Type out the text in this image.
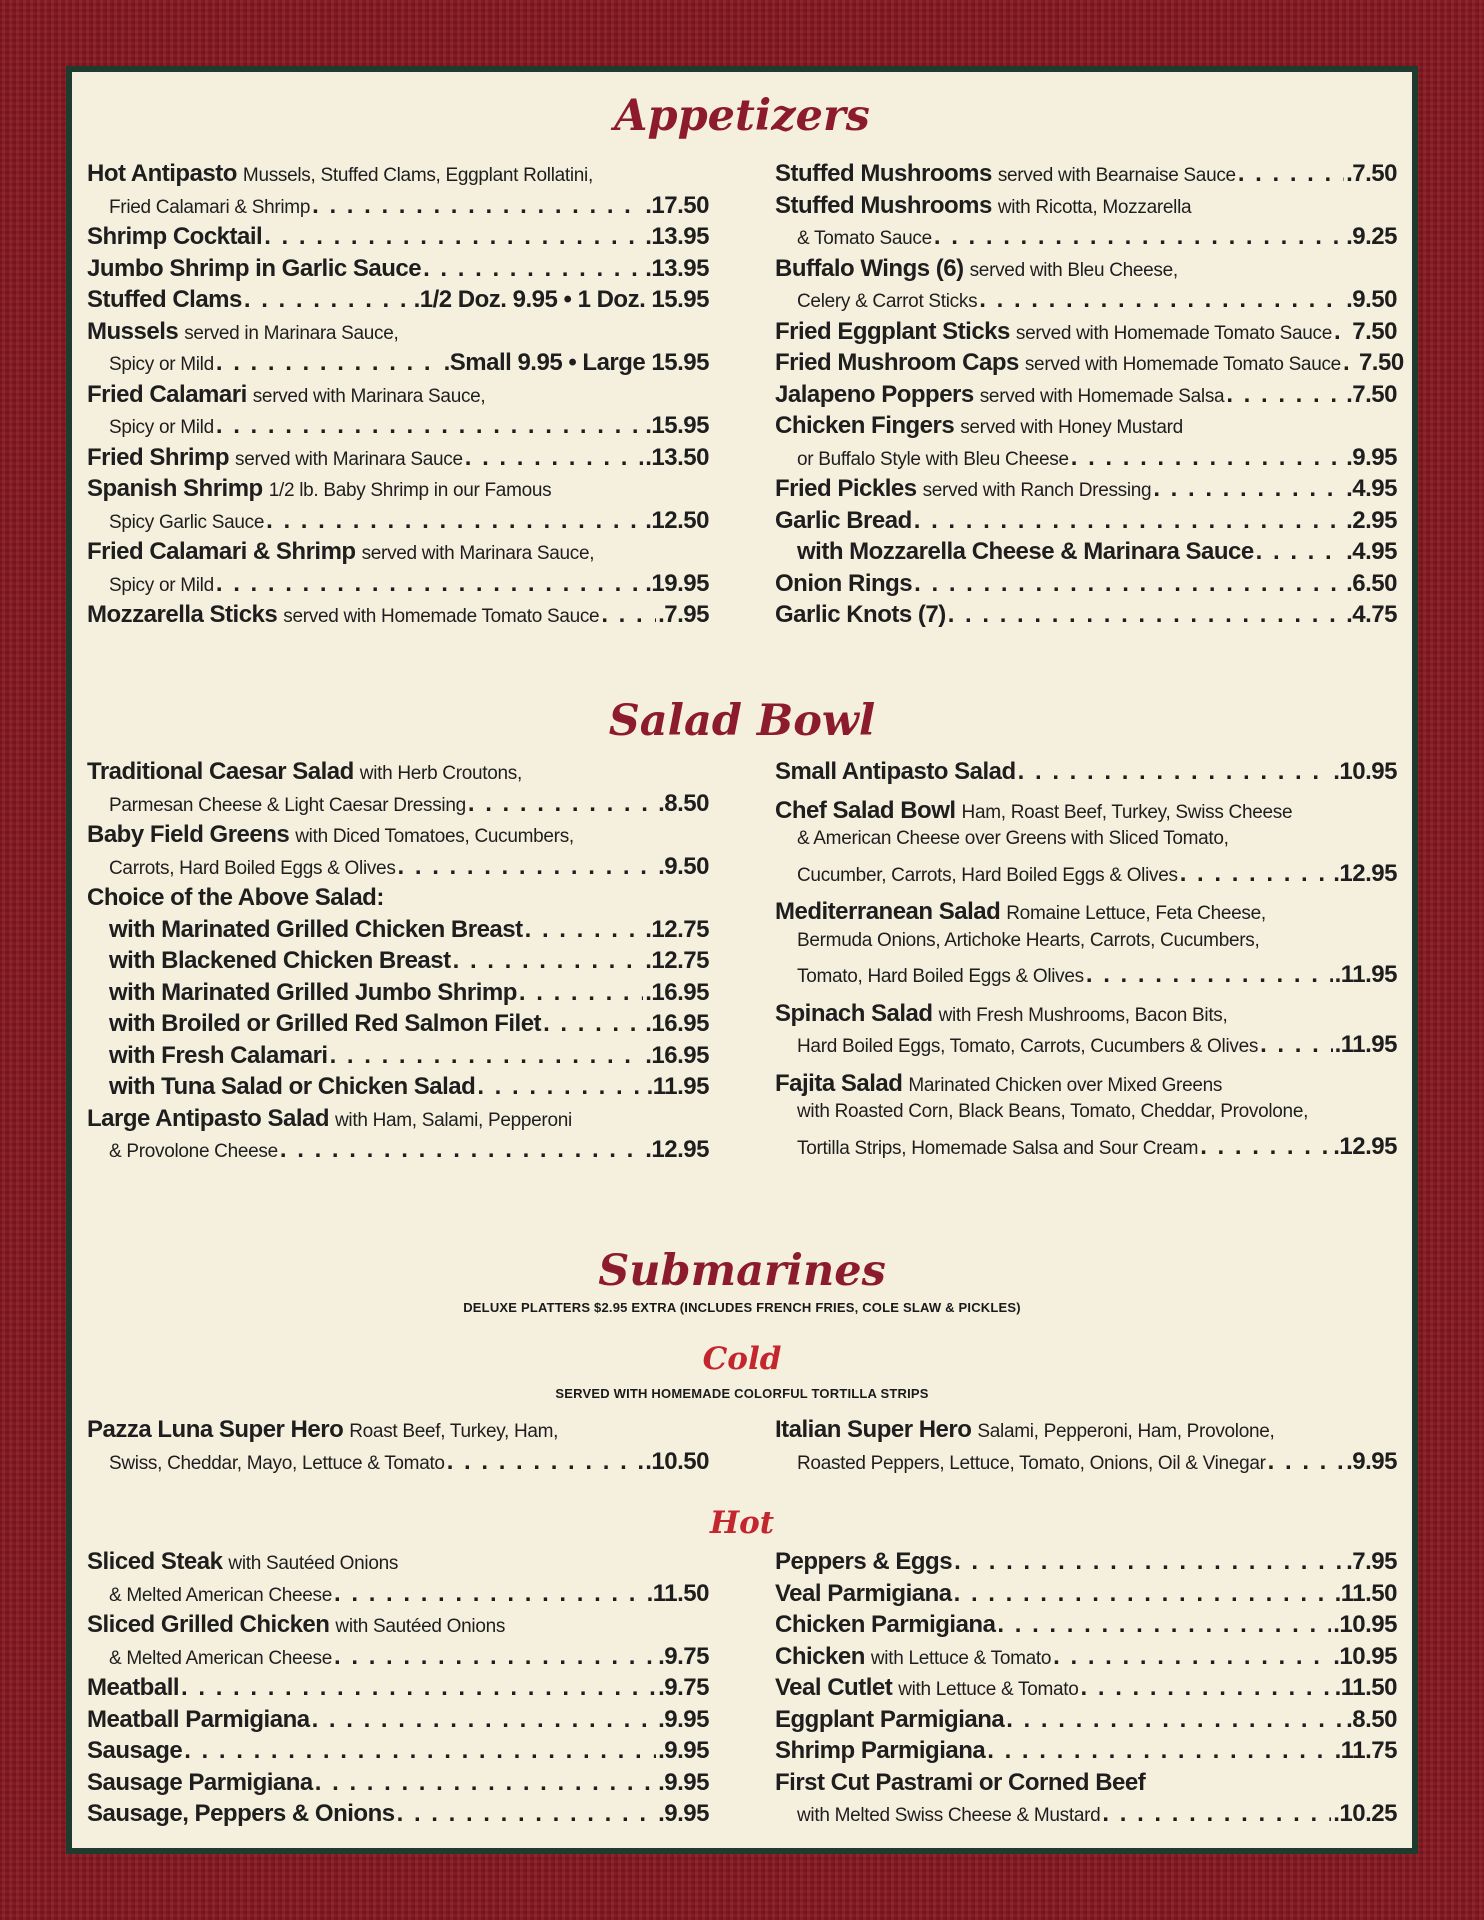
Appetizers
Hot Antipasto Mussels, Stuffed Clams, Eggplant Rollatini,
Fried Calamari & Shrimp . . .	.17.50
Shrimp Cocktail . . .	.13.95
Jumbo Shrimp in Garlic Sauce . . .	.13.95
Stuffed Clams . . .	.1/2 Doz. 9.95 • 1 Doz. 15.95
Mussels served in Marinara Sauce,
Spicy or Mild . . .	.Small 9.95 • Large 15.95
Fried Calamari served with Marinara Sauce,
Spicy or Mild . . .	.15.95
Fried Shrimp served with Marinara Sauce . . .	.13.50
Spanish Shrimp 1/2 lb. Baby Shrimp in our Famous
Spicy Garlic Sauce . . .	.12.50
Fried Calamari & Shrimp served with Marinara Sauce,
Spicy or Mild . . .	.19.95
Mozzarella Sticks served with Homemade Tomato Sauce . . . .7.95
Stuffed Mushrooms served with Bearnaise Sauce . . .	.7.50
Stuffed Mushrooms with Ricotta, Mozzarella
& Tomato Sauce . . .	.9.25
Buffalo Wings (6) served with Bleu Cheese,
Celery & Carrot Sticks . . .	.9.50
Fried Eggplant Sticks served with Homemade Tomato Sauce . . . 7.50
Fried Mushroom Caps served with Homemade Tomato Sauce . . . 7.50
Jalapeno Poppers served with Homemade Salsa . . .	.7.50
Chicken Fingers served with Honey Mustard
or Buffalo Style with Bleu Cheese . . .	.9.95
Fried Pickles served with Ranch Dressing . . .	.4.95
Garlic Bread . . .	.2.95
with Mozzarella Cheese & Marinara Sauce . . .	.4.95
Onion Rings . . .	.6.50
Garlic Knots (7) . . .	.4.75
Salad Bowl
Traditional Caesar Salad with Herb Croutons,
Parmesan Cheese & Light Caesar Dressing . . .	.8.50
Baby Field Greens with Diced Tomatoes, Cucumbers,
Carrots, Hard Boiled Eggs & Olives . . .	.9.50
Choice of the Above Salad:
with Marinated Grilled Chicken Breast . . .	.12.75
with Blackened Chicken Breast . . .	.12.75
with Marinated Grilled Jumbo Shrimp . . .	.16.95
with Broiled or Grilled Red Salmon Filet . . .	.16.95
with Fresh Calamari . . .	.16.95
with Tuna Salad or Chicken Salad . . .	.11.95
Large Antipasto Salad with Ham, Salami, Pepperoni
& Provolone Cheese . . .	.12.95
Small Antipasto Salad . . .	.10.95
Chef Salad Bowl Ham, Roast Beef, Turkey, Swiss Cheese
& American Cheese over Greens with Sliced Tomato,
Cucumber, Carrots, Hard Boiled Eggs & Olives . . .	.12.95
Mediterranean Salad Romaine Lettuce, Feta Cheese,
Bermuda Onions, Artichoke Hearts, Carrots, Cucumbers,
Tomato, Hard Boiled Eggs & Olives . . .	.11.95
Spinach Salad with Fresh Mushrooms, Bacon Bits,
Hard Boiled Eggs, Tomato, Carrots, Cucumbers & Olives . . .	.11.95
Fajita Salad Marinated Chicken over Mixed Greens
with Roasted Corn, Black Beans, Tomato, Cheddar, Provolone,
Tortilla Strips, Homemade Salsa and Sour Cream . . .	.12.95
Submarines
DELUXE PLATTERS $2.95 EXTRA (INCLUDES FRENCH FRIES, COLE SLAW & PICKLES)
Cold
SERVED WITH HOMEMADE COLORFUL TORTILLA STRIPS
Pazza Luna Super Hero Roast Beef, Turkey, Ham,
Swiss, Cheddar, Mayo, Lettuce & Tomato . . .	.10.50
Italian Super Hero Salami, Pepperoni, Ham, Provolone,
Roasted Peppers, Lettuce, Tomato, Onions, Oil & Vinegar . . .	.9.95
Hot
Sliced Steak with Sautéed Onions
& Melted American Cheese . . .	.11.50
Sliced Grilled Chicken with Sautéed Onions
& Melted American Cheese . . .	.9.75
Meatball . . .	.9.75
Meatball Parmigiana . . .	.9.95
Sausage . . .	.9.95
Sausage Parmigiana . . .	.9.95
Sausage, Peppers & Onions . . .	.9.95
Peppers & Eggs . . .	.7.95
Veal Parmigiana . . .	.11.50
Chicken Parmigiana . . .	.10.95
Chicken with Lettuce & Tomato . . .	.10.95
Veal Cutlet with Lettuce & Tomato . . .	.11.50
Eggplant Parmigiana . . .	.8.50
Shrimp Parmigiana . . .	.11.75
First Cut Pastrami or Corned Beef
with Melted Swiss Cheese & Mustard . . .	.10.25
